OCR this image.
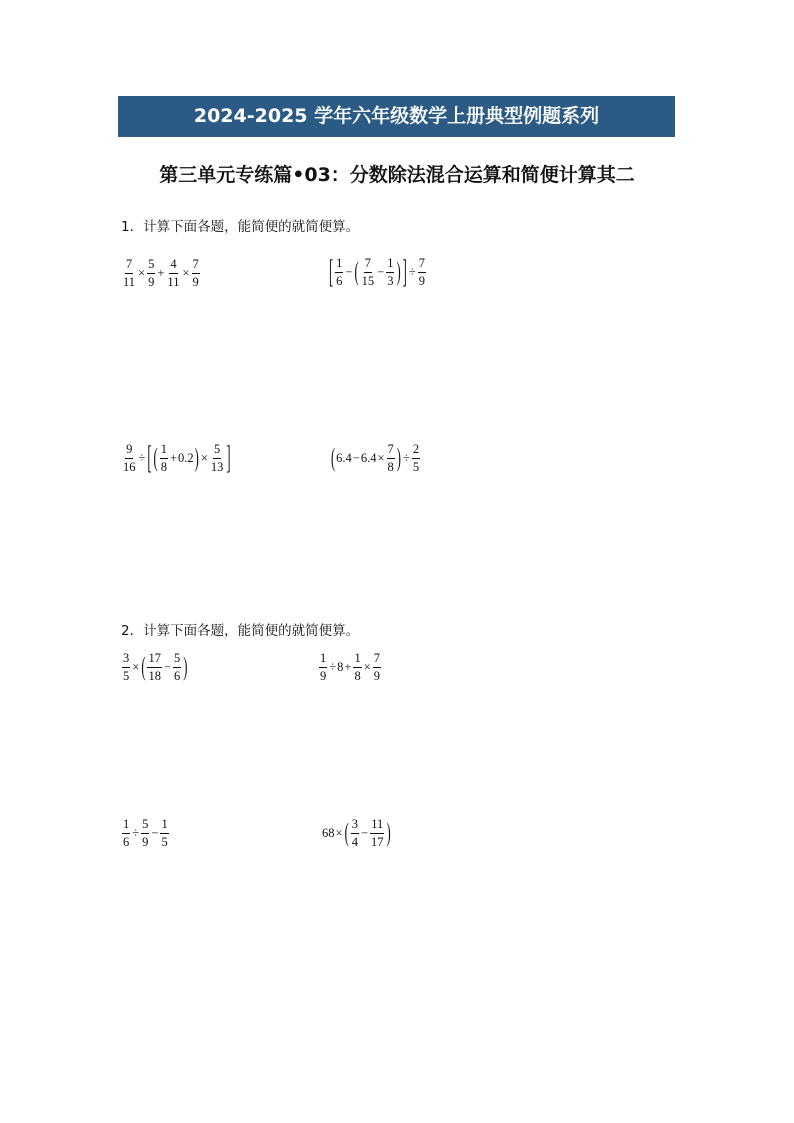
2024-2025 学年六年级数学上册典型例题系列
第三单元专练篇•03：分数除法混合运算和简便计算其二
1．计算下面各题，能简便的就简便算。
$\frac{7}{11} \times \frac{5}{9} + \frac{4}{11} \times \frac{7}{9}$	[ $\frac{1}{6}$ − ( $\frac{7}{15} - \frac{1}{3}$ ) ] ÷ $\frac{7}{9}$
$\frac{9}{16}$ ÷ [ ( $\frac{1}{8} + 0.2$ ) × $\frac{5}{13}$ ]	( $6.4 - 6.4 \times \frac{7}{8}$ ) ÷ $\frac{2}{5}$
2．计算下面各题，能简便的就简便算。
$\frac{3}{5}$ × ( $\frac{17}{18} - \frac{5}{6}$ )	$\frac{1}{9} \div 8 + \frac{1}{8} \times \frac{7}{9}$
$\frac{1}{6} \div \frac{5}{9} - \frac{1}{5}$	68 × ( $\frac{3}{4} - \frac{11}{17}$ )
